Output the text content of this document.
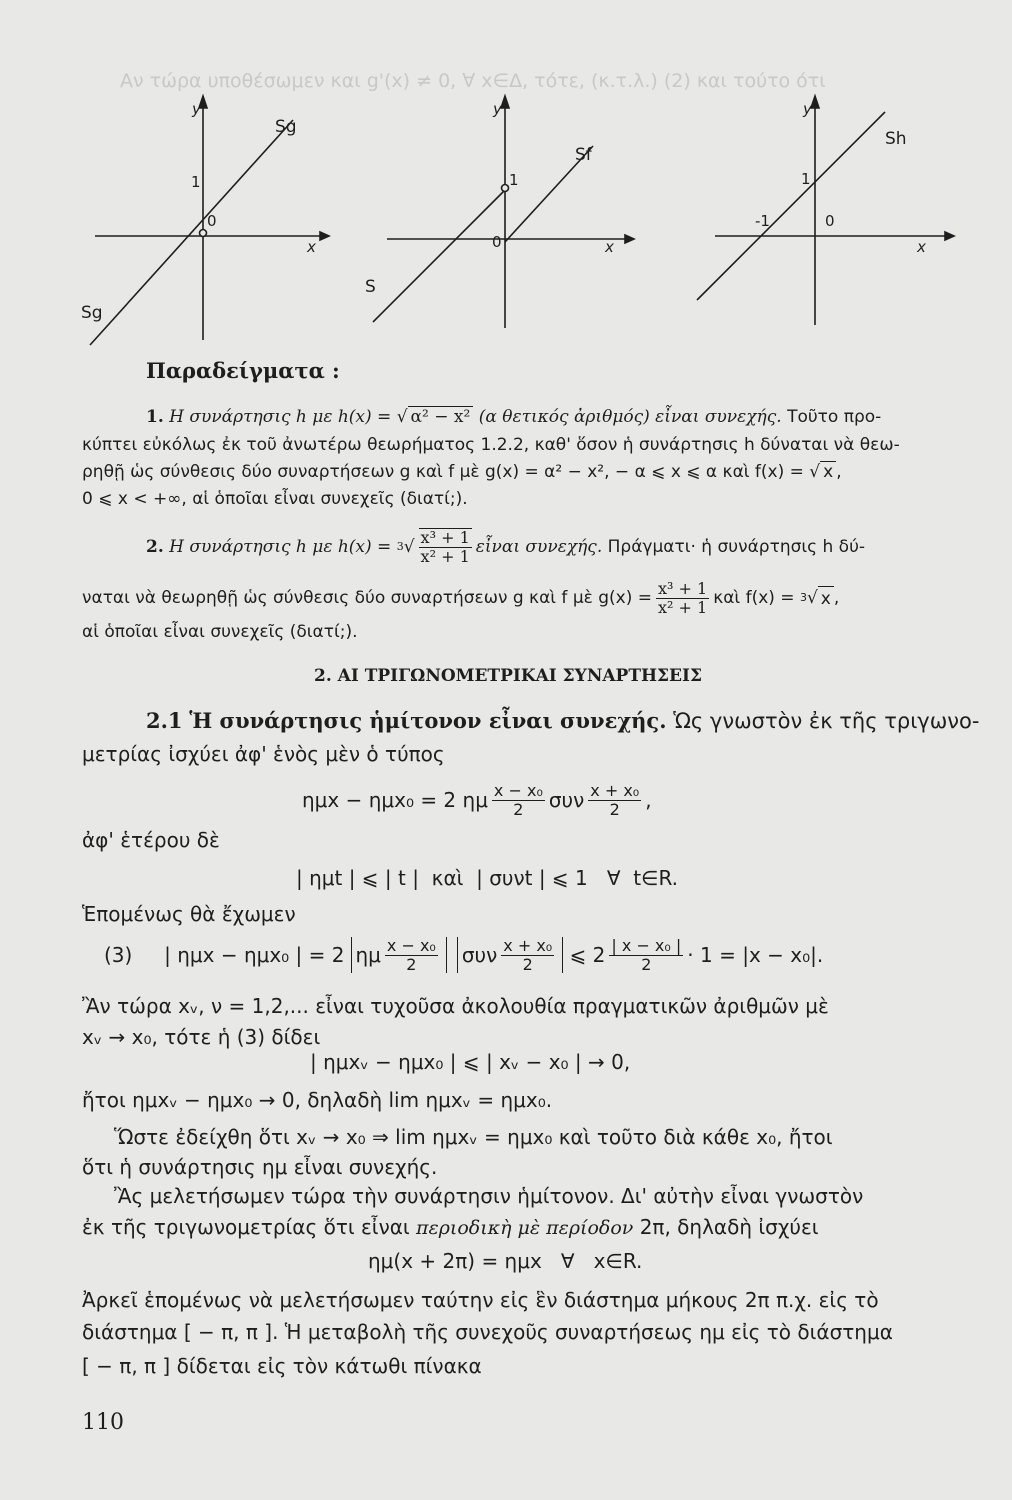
Αν τώρα υποθέσωμεν και g'(x) ≠ 0, ∀ x∈Δ, τότε, (κ.τ.λ.) (2) και τούτο ότι
y
Sg
1
0
x
Sg
y
Sf
1
0	x
S
y
Sh
1
-1	0
x
Παραδείγματα :
1. Η συνάρτησις h με h(x) = √ α² − x² (α θετικός ἀριθμός) εἶναι συνεχής. Τοῦτο προ-
κύπτει εὐκόλως ἐκ τοῦ ἀνωτέρω θεωρήματος 1.2.2, καθ' ὅσον ἡ συνάρτησις h δύναται νὰ θεω-
ρηθῇ ὡς σύνθεσις δύο συναρτήσεων g καὶ f μὲ g(x) = α² − x², − α ⩽ x ⩽ α καὶ f(x) = √ x ,
0 ⩽ x < +∞, αἱ ὁποῖαι εἶναι συνεχεῖς (διατί;).
2.
Η συνάρτησις h με h(x) =
3 √ $\frac{\text{x³ + 1}}{\text{x² + 1}}$ εἶναι συνεχής.
Πράγματι· ἡ συνάρτησις h δύ-
ναται νὰ θεωρηθῇ ὡς σύνθεσις δύο συναρτήσεων g καὶ f μὲ $g(x) = \frac{\text{x³ + 1}}{\text{x² + 1}}$ καὶ f(x) =
3 √ x ,
αἱ ὁποῖαι εἶναι συνεχεῖς (διατί;).
2. ΑΙ ΤΡΙΓΩΝΟΜΕΤΡΙΚΑΙ ΣΥΝΑΡΤΗΣΕΙΣ
2.1 Ἡ συνάρτησις ἡμίτονον εἶναι συνεχής. Ὡς γνωστὸν ἐκ τῆς τριγωνο-
μετρίας ἰσχύει ἀφ' ἑνὸς μὲν ὁ τύπος
ημx − ημx₀ = 2 ημ $\frac{\text{x − x₀}}{2}$ συν $\frac{\text{x + x₀}}{2}$ ,
ἀφ' ἑτέρου δὲ
| ημt | ⩽ | t |  καὶ  | συνt | ⩽ 1   ∀  t∈R.
Ἑπομένως θὰ ἔχωμεν
(3)
| ημx − ημx₀ | = 2 ημ $\frac{\text{x − x₀}}{2}$ συν $\frac{\text{x + x₀}}{2}$
⩽ $2 \frac{\text{| x − x₀ |}}{2} \cdot 1 = |x - x_0|$.
Ἂν τώρα xᵥ, ν = 1,2,... εἶναι τυχοῦσα ἀκολουθία πραγματικῶν ἀριθμῶν μὲ
xᵥ → x₀, τότε ἡ (3) δίδει
| ημxᵥ − ημx₀ | ⩽ | xᵥ − x₀ | → 0,
ἤτοι ημxᵥ − ημx₀ → 0, δηλαδὴ lim ημxᵥ = ημx₀.
Ὥστε ἐδείχθη ὅτι xᵥ → x₀ ⇒ lim ημxᵥ = ημx₀ καὶ τοῦτο διὰ κάθε x₀, ἤτοι
ὅτι ἡ συνάρτησις ημ εἶναι συνεχής.
Ἂς μελετήσωμεν τώρα τὴν συνάρτησιν ἡμίτονον. Δι' αὐτὴν εἶναι γνωστὸν
ἐκ τῆς τριγωνομετρίας ὅτι εἶναι περιοδικὴ μὲ περίοδον 2π, δηλαδὴ ἰσχύει
ημ(x + 2π) = ημx   ∀   x∈R.
Ἀρκεῖ ἑπομένως νὰ μελετήσωμεν ταύτην εἰς ἓν διάστημα μήκους 2π π.χ. εἰς τὸ
διάστημα [ − π, π ]. Ἡ μεταβολὴ τῆς συνεχοῦς συναρτήσεως ημ εἰς τὸ διάστημα
[ − π, π ] δίδεται εἰς τὸν κάτωθι πίνακα
110
